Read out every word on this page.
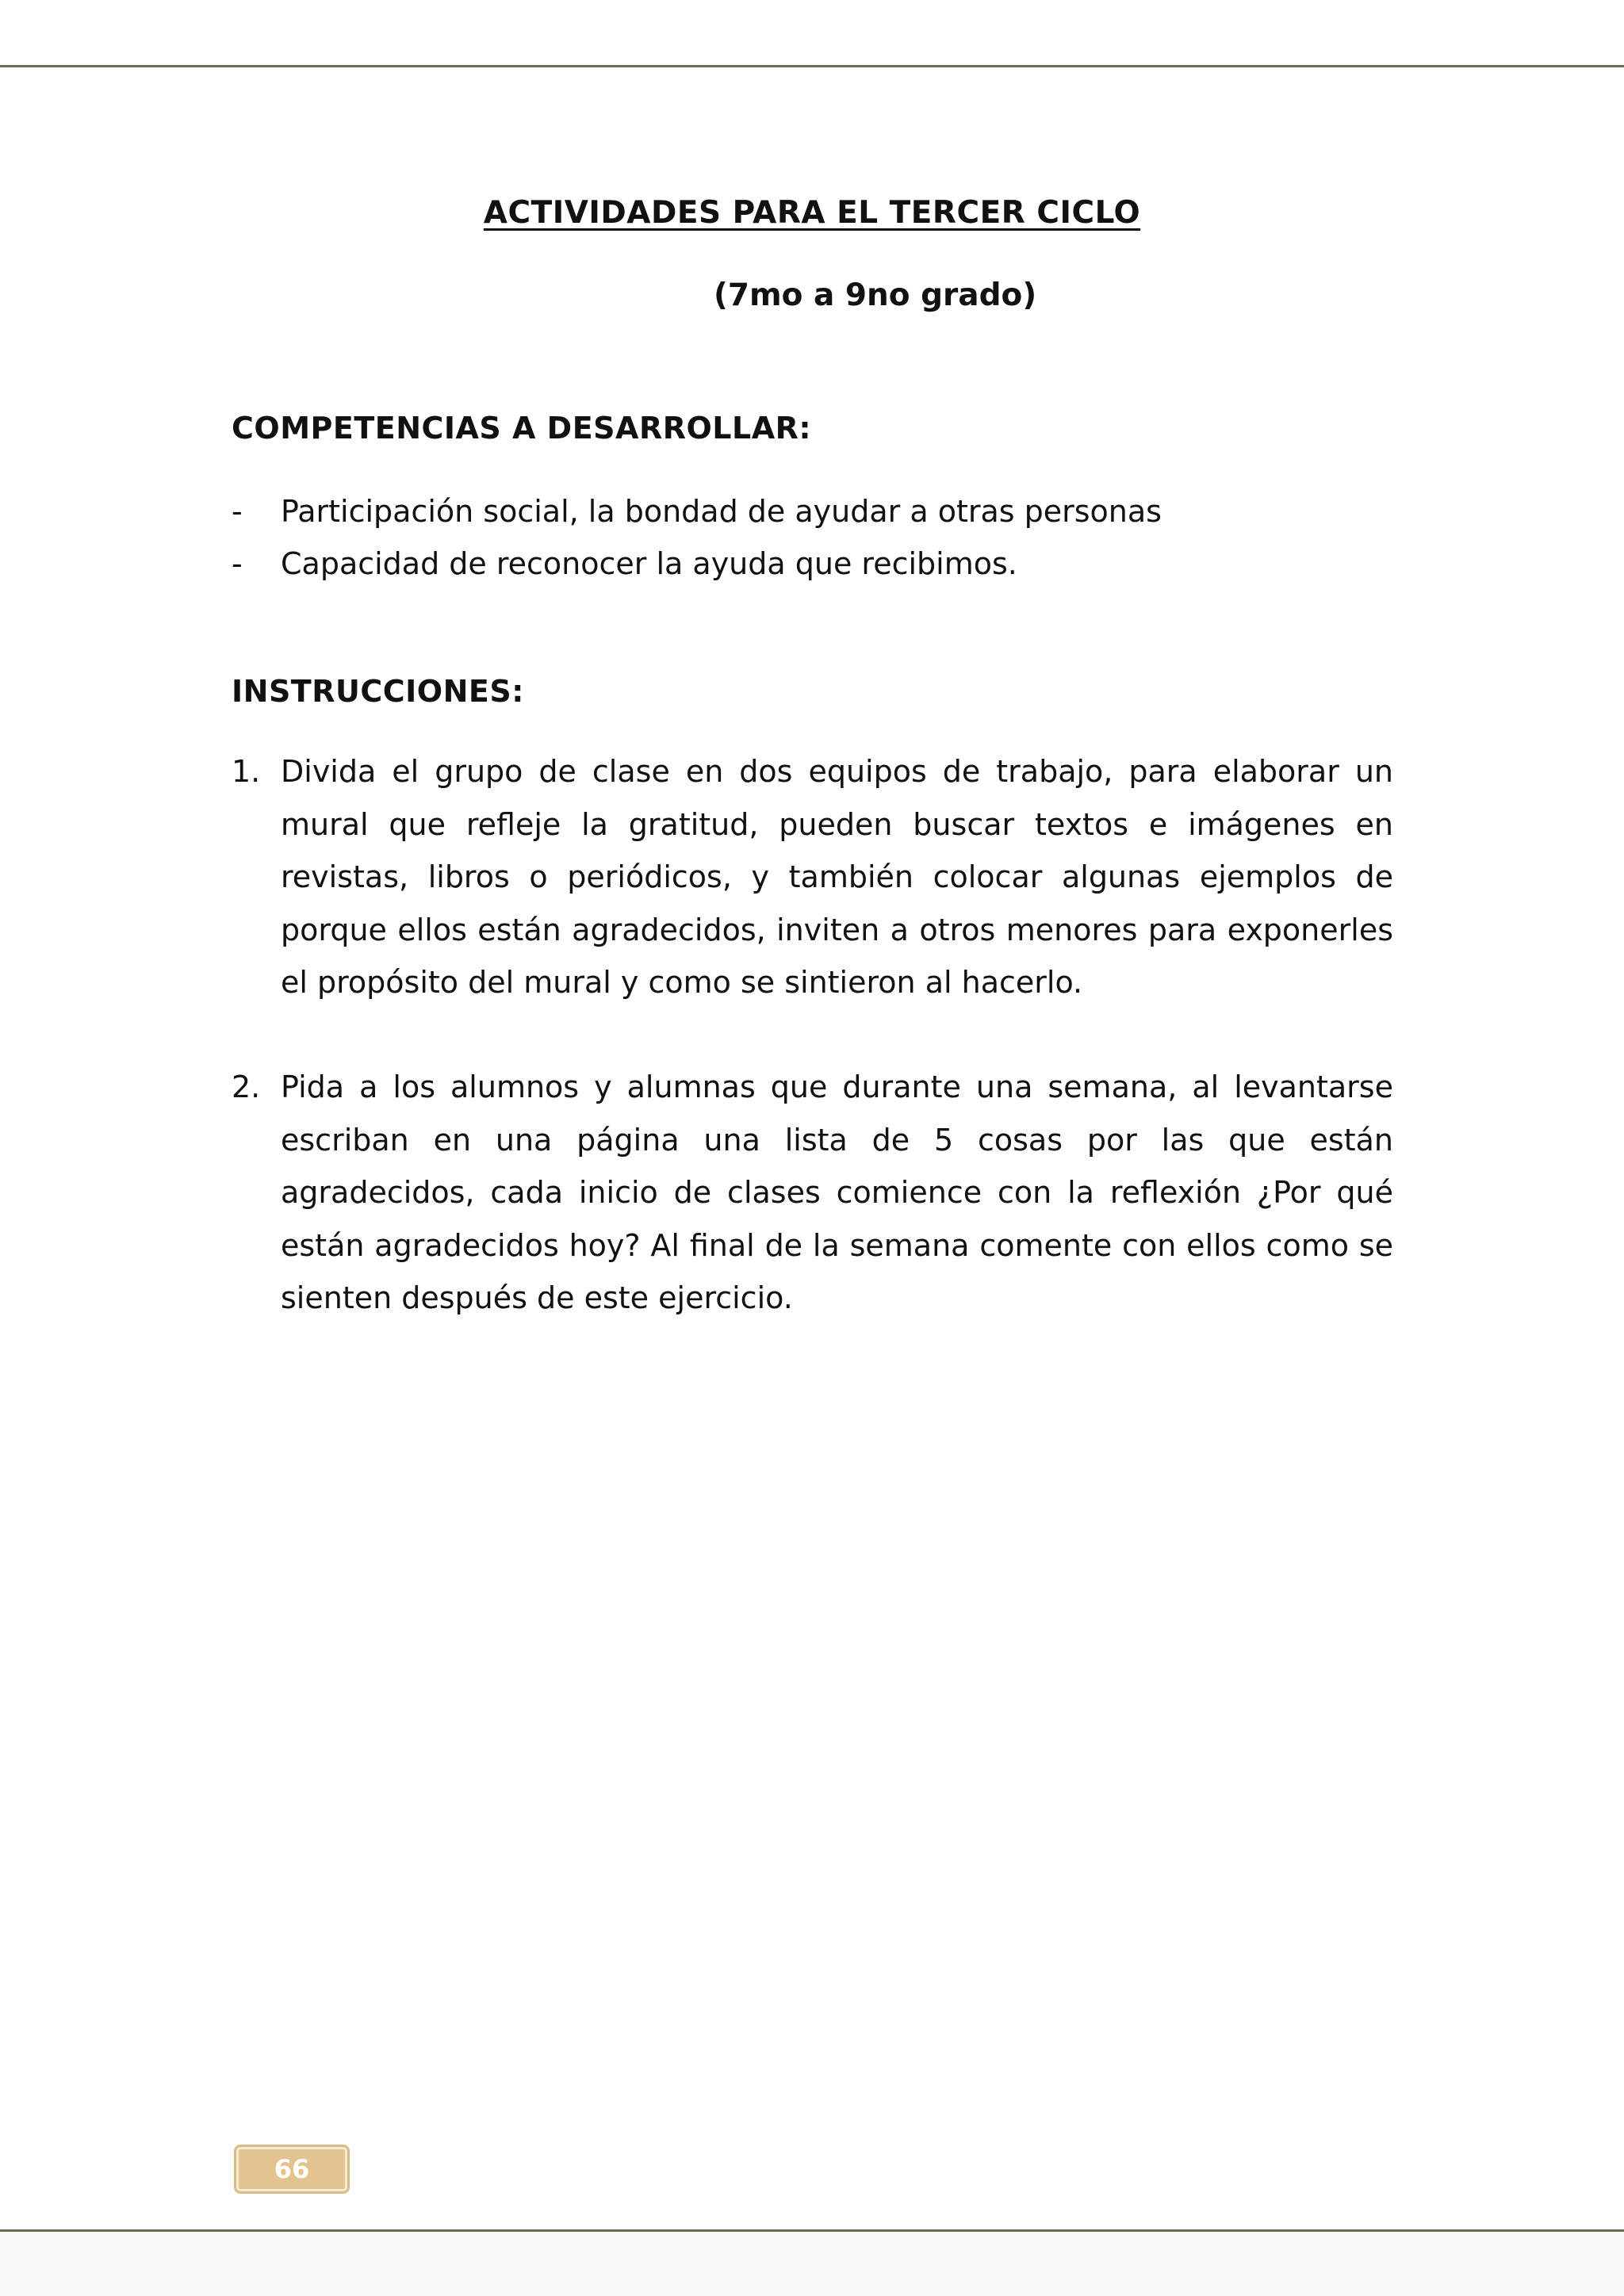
ACTIVIDADES PARA EL TERCER CICLO
(7mo a 9no grado)
COMPETENCIAS A DESARROLLAR:
-	Participación social, la bondad de ayudar a otras personas
-	Capacidad de reconocer la ayuda que recibimos.
INSTRUCCIONES:
1. Divida el grupo de clase en dos equipos de trabajo, para elaborar un mural que refleje la gratitud, pueden buscar textos e imágenes en revistas, libros o periódicos, y también colocar algunas ejemplos de porque ellos están agradecidos, inviten a otros menores para exponerles el propósito del mural y como se sintieron al hacerlo.
2. Pida a los alumnos y alumnas que durante una semana, al levantarse escriban en una página una lista de 5 cosas por las que están agradecidos, cada inicio de clases comience con la reflexión ¿Por qué están agradecidos hoy? Al final de la semana comente con ellos como se sienten después de este ejercicio.
66
